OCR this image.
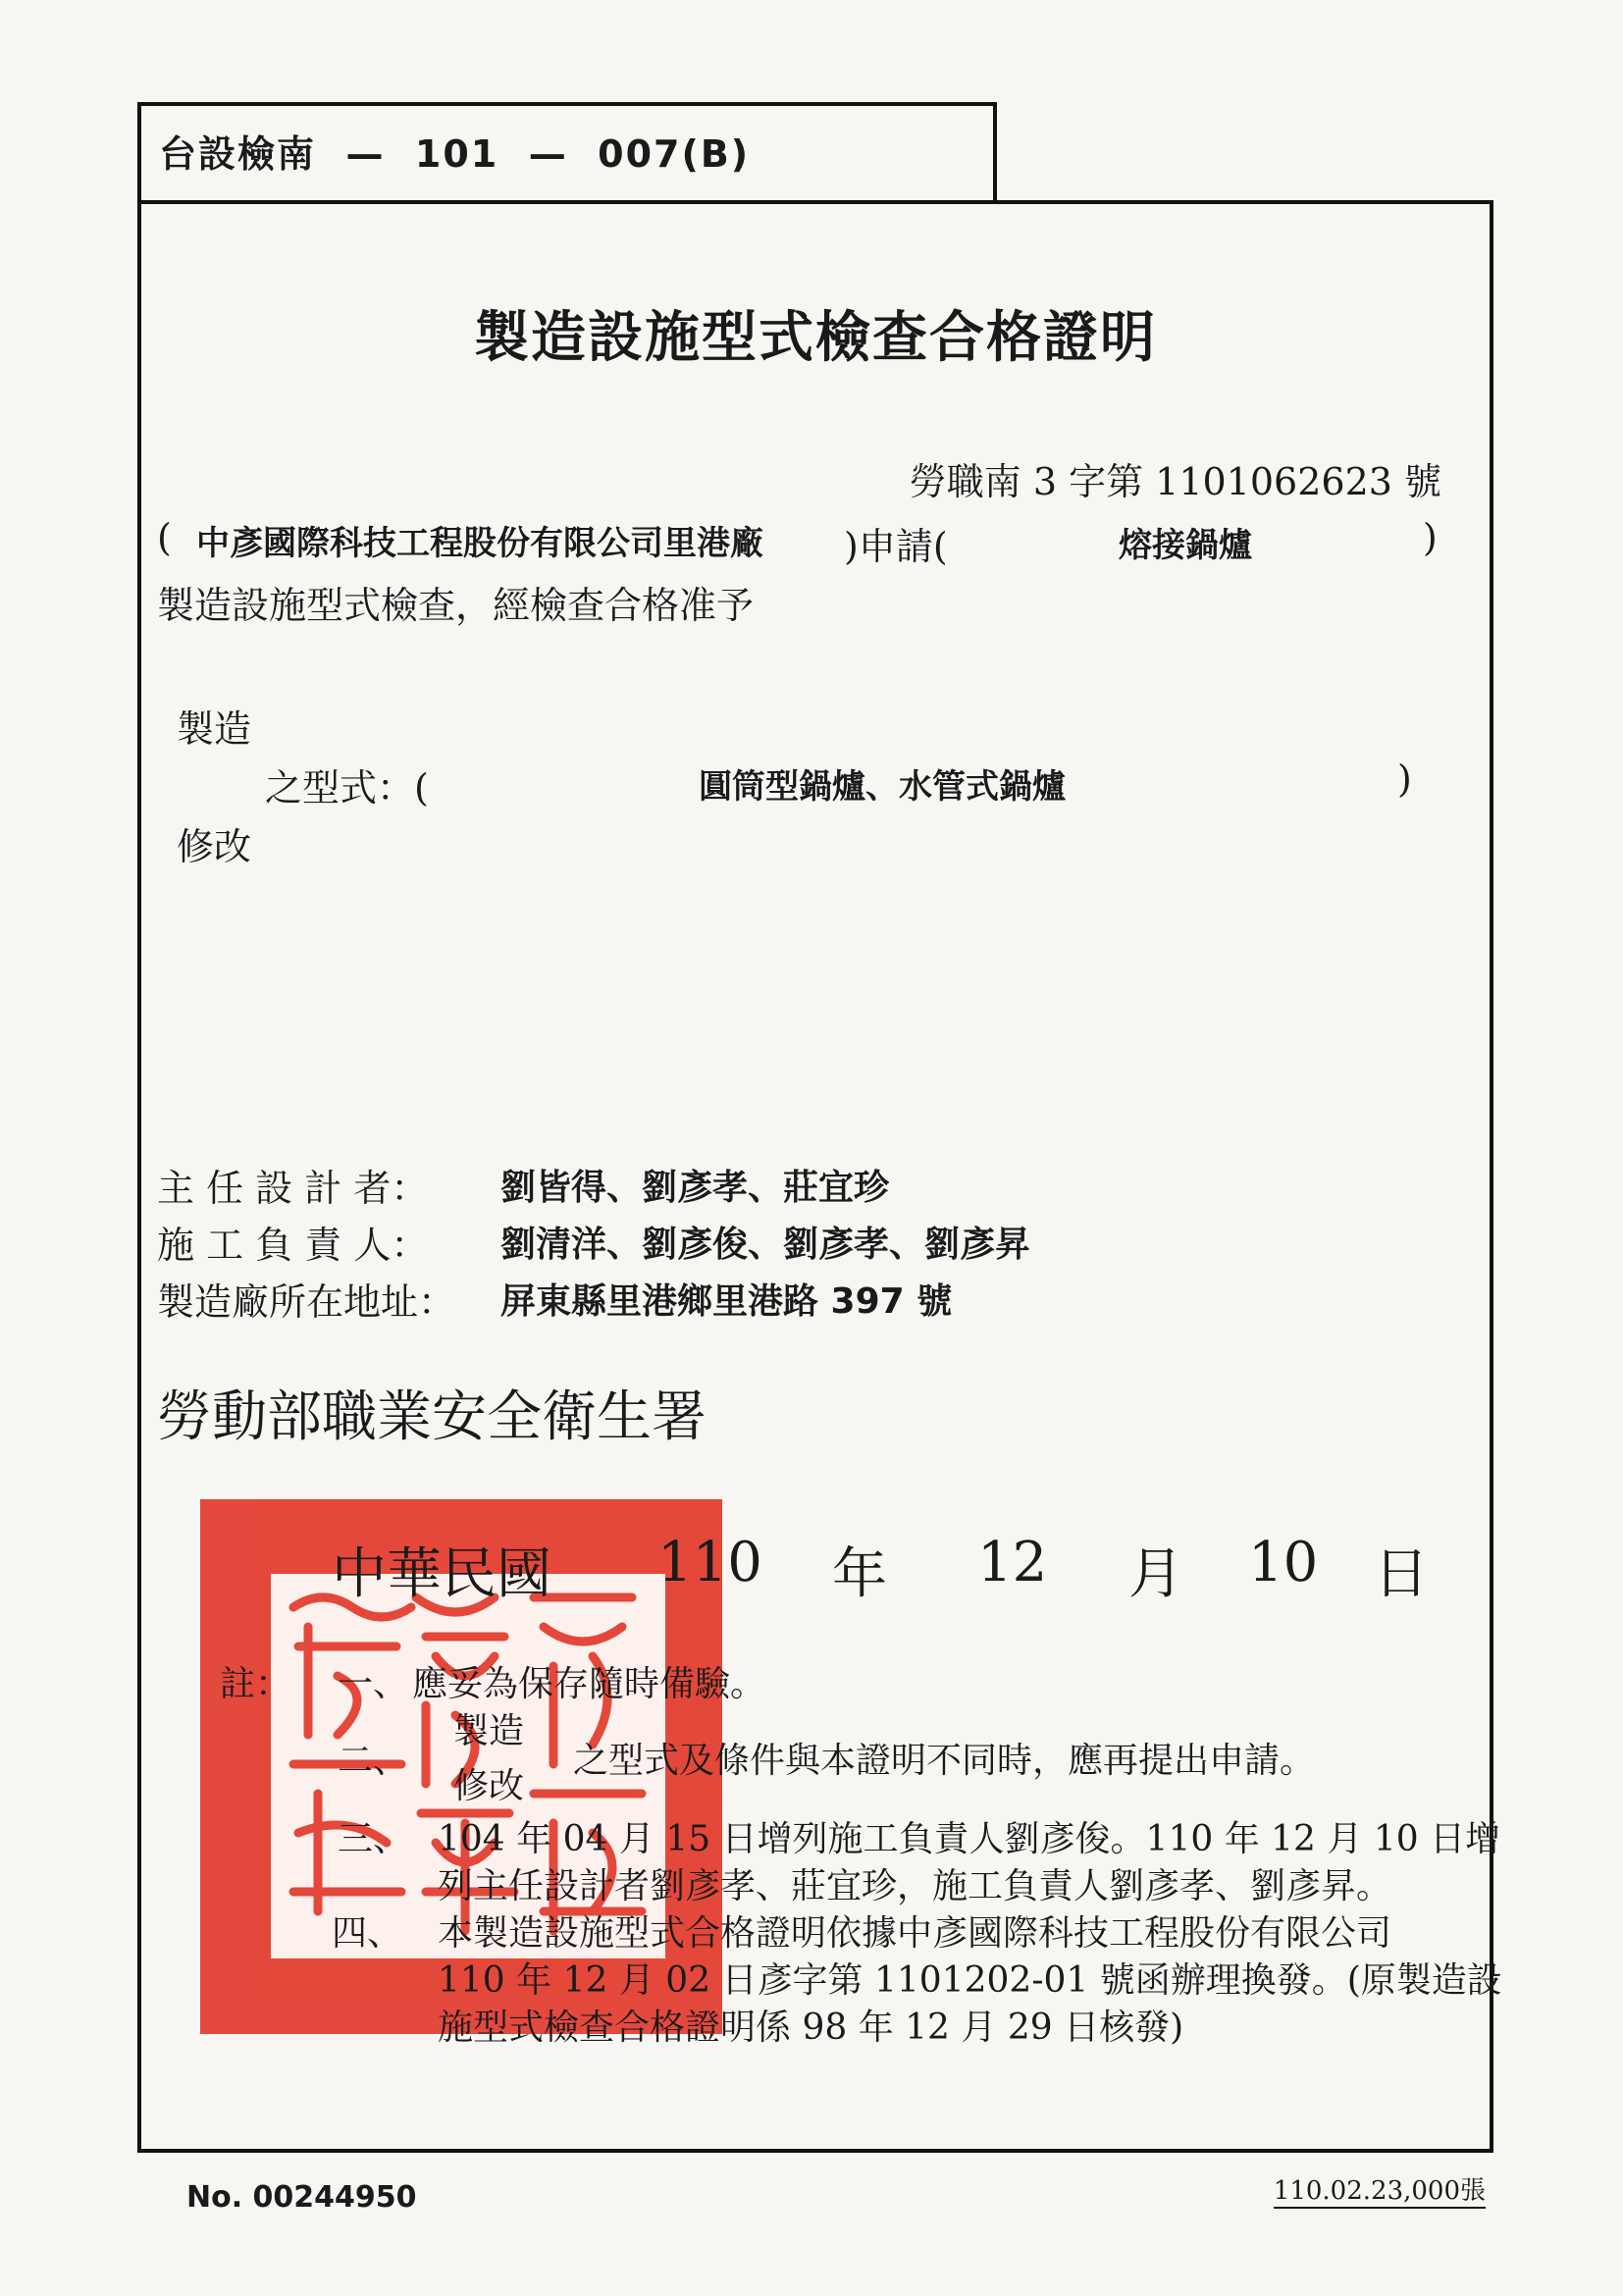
台設檢南  —  101  —  007(B)
製造設施型式檢查合格證明
勞職南 3 字第 1101062623 號
( 中彥國際科技工程股份有限公司里港廠 )申請(	熔接鍋爐	)
製造設施型式檢查，經檢查合格准予
製造
之型式：(	圓筒型鍋爐、水管式鍋爐	)
修改
主 任 設 計 者： 劉皆得、劉彥孝、莊宜珍
施 工 負 責 人： 劉清洋、劉彥俊、劉彥孝、劉彥昇
製造廠所在地址： 屏東縣里港鄉里港路 397 號
勞動部職業安全衛生署
中華民國 110 年 12 月 10 日
註： 一、 應妥為保存隨時備驗。
二、
製造
之型式及條件與本證明不同時，應再提出申請。
修改
三、 104 年 04 月 15 日增列施工負責人劉彥俊。110 年 12 月 10 日增
列主任設計者劉彥孝、莊宜珍，施工負責人劉彥孝、劉彥昇。
四、 本製造設施型式合格證明依據中彥國際科技工程股份有限公司
110 年 12 月 02 日彥字第 1101202-01 號函辦理換發。(原製造設
施型式檢查合格證明係 98 年 12 月 29 日核發)
No. 00244950	110.02.23,000張
